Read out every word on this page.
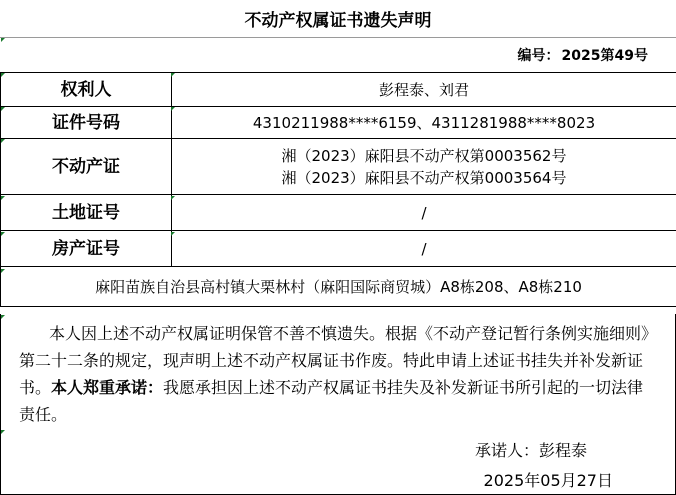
不动产权属证书遗失声明
编号： 2025第49号
权利人	彭程泰、刘君
证件号码	4310211988****6159、4311281988****8023
不动产证	湘（2023）麻阳县不动产权第0003562号
湘（2023）麻阳县不动产权第0003564号

土地证号	/
房产证号	/
麻阳苗族自治县高村镇大栗林村（麻阳国际商贸城）A8栋208、A8栋210	
本人因上述不动产权属证明保管不善不慎遗失。根据《不动产登记暂行条例实施细则》第二十二条的规定，现声明上述不动产权属证书作废。特此申请上述证书挂失并补发新证书。本人郑重承诺：我愿承担因上述不动产权属证书挂失及补发新证书所引起的一切法律责任。
承诺人： 彭程泰
2025年05月27日
